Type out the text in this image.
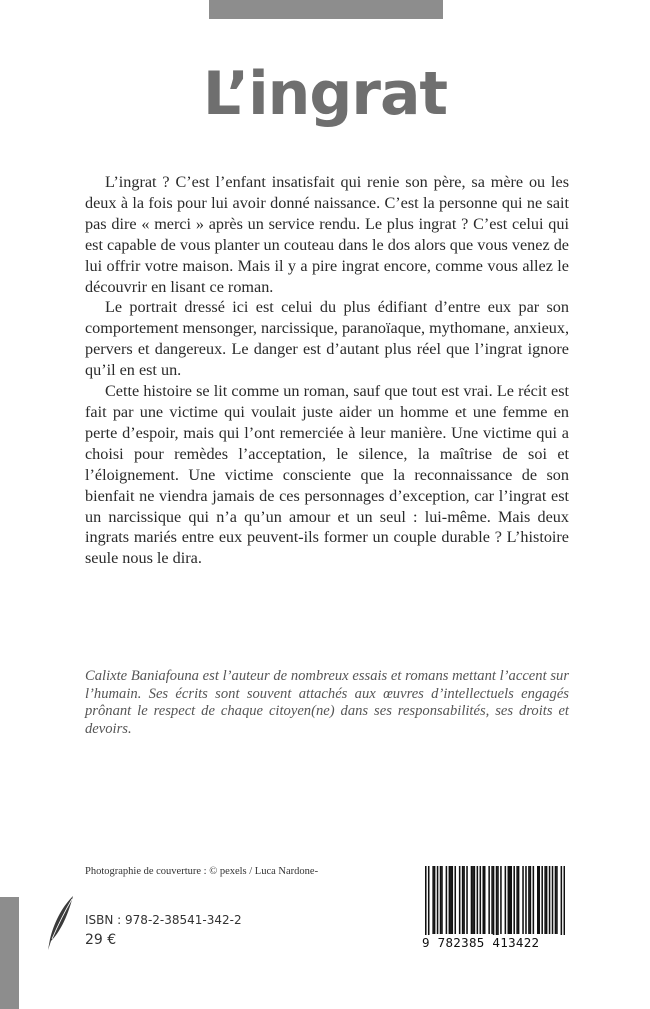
L’ingrat

L’ingrat ? C’est l’enfant insatisfait qui renie son père, sa mère ou les deux à la fois pour lui avoir donné naissance. C’est la personne qui ne sait pas dire « merci » après un service rendu. Le plus ingrat ? C’est celui qui est capable de vous planter un couteau dans le dos alors que vous venez de lui offrir votre maison. Mais il y a pire ingrat encore, comme vous allez le découvrir en lisant ce roman.

Le portrait dressé ici est celui du plus édifiant d’entre eux par son comportement mensonger, narcissique, paranoïaque, mythomane, anxieux, pervers et dangereux. Le danger est d’autant plus réel que l’ingrat ignore qu’il en est un.

Cette histoire se lit comme un roman, sauf que tout est vrai. Le récit est fait par une victime qui voulait juste aider un homme et une femme en perte d’espoir, mais qui l’ont remerciée à leur manière. Une victime qui a choisi pour remèdes l’acceptation, le silence, la maîtrise de soi et l’éloignement. Une victime consciente que la reconnaissance de son bienfait ne viendra jamais de ces personnages d’exception, car l’ingrat est un narcissique qui n’a qu’un amour et un seul : lui-même. Mais deux ingrats mariés entre eux peuvent-ils former un couple durable ? L’histoire seule nous le dira.

Calixte Baniafouna est l’auteur de nombreux essais et romans mettant l’accent sur l’humain. Ses écrits sont souvent attachés aux œuvres d’intellectuels engagés prônant le respect de chaque citoyen(ne) dans ses responsabilités, ses droits et devoirs.

Photographie de couverture : © pexels / Luca Nardone-
ISBN : 978-2-38541-342-2
29 €	9 782385 413422
